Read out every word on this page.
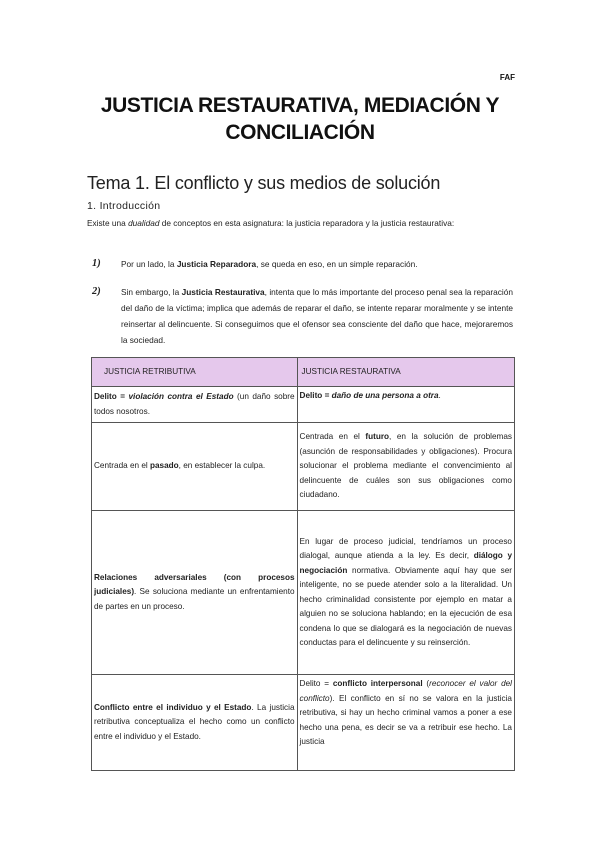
FAF
JUSTICIA RESTAURATIVA, MEDIACIÓN Y
CONCILIACIÓN
Tema 1. El conflicto y sus medios de solución
1. Introducción
Existe una dualidad de conceptos en esta asignatura: la justicia reparadora y la justicia restaurativa:
1) Por un lado, la Justicia Reparadora, se queda en eso, en un simple reparación.
2) Sin embargo, la Justicia Restaurativa, intenta que lo más importante del proceso penal sea la reparación del daño de la víctima; implica que además de reparar el daño, se intente reparar moralmente y se intente reinsertar al delincuente. Si conseguimos que el ofensor sea consciente del daño que hace, mejoraremos la sociedad.
JUSTICIA RETRIBUTIVA	JUSTICIA RESTAURATIVA
Delito = violación contra el Estado (un daño sobre todos nosotros.	Delito = daño de una persona a otra.
Centrada en el pasado, en establecer la culpa.	Centrada en el futuro, en la solución de problemas (asunción de responsabilidades y obligaciones). Procura solucionar el problema mediante el convencimiento al delincuente de cuáles son sus obligaciones como ciudadano.
Relaciones adversariales (con procesos judiciales). Se soluciona mediante un enfrentamiento de partes en un proceso.	En lugar de proceso judicial, tendríamos un proceso dialogal, aunque atienda a la ley. Es decir, diálogo y negociación normativa. Obviamente aquí hay que ser inteligente, no se puede atender solo a la literalidad. Un hecho criminalidad consistente por ejemplo en matar a alguien no se soluciona hablando; en la ejecución de esa condena lo que se dialogará es la negociación de nuevas conductas para el delincuente y su reinserción.
Conflicto entre el individuo y el Estado. La justicia retributiva conceptualiza el hecho como un conflicto entre el individuo y el Estado.	Delito = conflicto interpersonal (reconocer el valor del conflicto). El conflicto en sí no se valora en la justicia retributiva, si hay un hecho criminal vamos a poner a ese hecho una pena, es decir se va a retribuir ese hecho. La justicia
